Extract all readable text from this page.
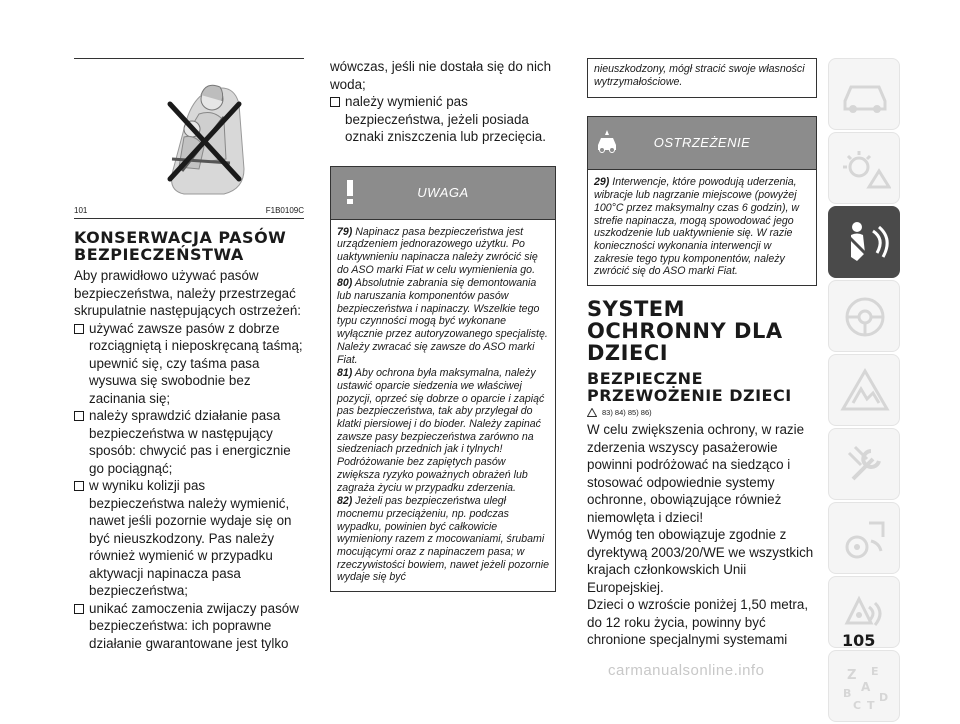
101	F1B0109C
KONSERWACJA PASÓW BEZPIECZEŃSTWA

Aby prawidłowo używać pasów bezpieczeństwa, należy przestrzegać skrupulatnie następujących ostrzeżeń:

używać zawsze pasów z dobrze rozciągniętą i nieposkręcaną taśmą; upewnić się, czy taśma pasa wysuwa się swobodnie bez zacinania się;
należy sprawdzić działanie pasa bezpieczeństwa w następujący sposób: chwycić pas i energicznie go pociągnąć;
w wyniku kolizji pas bezpieczeństwa należy wymienić, nawet jeśli pozornie wydaje się on być nieuszkodzony. Pas należy również wymienić w przypadku aktywacji napinacza pasa bezpieczeństwa;
unikać zamoczenia zwijaczy pasów bezpieczeństwa: ich poprawne działanie gwarantowane jest tylko

wówczas, jeśli nie dostała się do nich woda;

należy wymienić pas bezpieczeństwa, jeżeli posiada oznaki zniszczenia lub przecięcia.
UWAGA
79) Napinacz pasa bezpieczeństwa jest urządzeniem jednorazowego użytku. Po uaktywnieniu napinacza należy zwrócić się do ASO marki Fiat w celu wymienienia go.
80) Absolutnie zabrania się demontowania lub naruszania komponentów pasów bezpieczeństwa i napinaczy. Wszelkie tego typu czynności mogą być wykonane wyłącznie przez autoryzowanego specjalistę. Należy zwracać się zawsze do ASO marki Fiat.
81) Aby ochrona była maksymalna, należy ustawić oparcie siedzenia we właściwej pozycji, oprzeć się dobrze o oparcie i zapiąć pas bezpieczeństwa, tak aby przylegał do klatki piersiowej i do bioder. Należy zapinać zawsze pasy bezpieczeństwa zarówno na siedzeniach przednich jak i tylnych! Podróżowanie bez zapiętych pasów zwiększa ryzyko poważnych obrażeń lub zagraża życiu w przypadku zderzenia.
82) Jeżeli pas bezpieczeństwa uległ mocnemu przeciążeniu, np. podczas wypadku, powinien być całkowicie wymieniony razem z mocowaniami, śrubami mocującymi oraz z napinaczem pasa; w rzeczywistości bowiem, nawet jeżeli pozornie wydaje się być
nieuszkodzony, mógł stracić swoje własności wytrzymałościowe.
OSTRZEŻENIE
29) Interwencje, które powodują uderzenia, wibracje lub nagrzanie miejscowe (powyżej 100°C przez maksymalny czas 6 godzin), w strefie napinacza, mogą spowodować jego uszkodzenie lub uaktywnienie się. W razie konieczności wykonania interwencji w zakresie tego typu komponentów, należy zwrócić się do ASO marki Fiat.
SYSTEM OCHRONNY DLA DZIECI
BEZPIECZNE PRZEWOŻENIE DZIECI
83) 84) 85) 86)

W celu zwiększenia ochrony, w razie zderzenia wszyscy pasażerowie powinni podróżować na siedząco i stosować odpowiednie systemy ochronne, obowiązujące również niemowlęta i dzieci!

Wymóg ten obowiązuje zgodnie z dyrektywą 2003/20/WE we wszystkich krajach członkowskich Unii Europejskiej.

Dzieci o wzroście poniżej 1,50 metra, do 12 roku życia, powinny być chronione specjalnymi systemami

Z E
B A
C T
D
105
carmanualsonline.info
